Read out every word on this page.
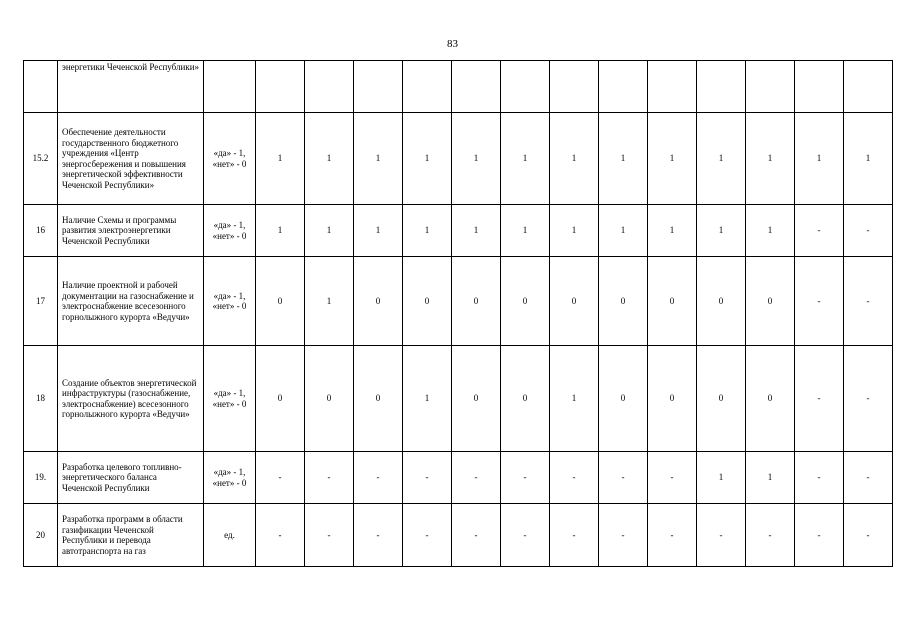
83
	энергетики Чеченской Республики»														
15.2	Обеспечение деятельности государственного бюджетного учреждения «Центр энергосбережения и повышения энергетической эффективности Чеченской Республики»	«да» - 1, «нет» - 0	1	1	1	1	1	1	1	1	1	1	1	1	1
16	Наличие Схемы и программы развития электроэнергетики Чеченской Республики	«да» - 1, «нет» - 0	1	1	1	1	1	1	1	1	1	1	1	-	-
17	Наличие проектной и рабочей документации на газоснабжение и электроснабжение всесезонного горнолыжного курорта «Ведучи»	«да» - 1, «нет» - 0	0	1	0	0	0	0	0	0	0	0	0	-	-
18	Создание объектов энергетической инфраструктуры (газоснабжение, электроснабжение) всесезонного горнолыжного курорта «Ведучи»	«да» - 1, «нет» - 0	0	0	0	1	0	0	1	0	0	0	0	-	-
19.	Разработка целевого топливно-энергетического баланса Чеченской Республики	«да» - 1, «нет» - 0	-	-	-	-	-	-	-	-	-	1	1	-	-
20	Разработка программ в области газификации Чеченской Республики и перевода автотранспорта на газ	ед.	-	-	-	-	-	-	-	-	-	-	-	-	-
